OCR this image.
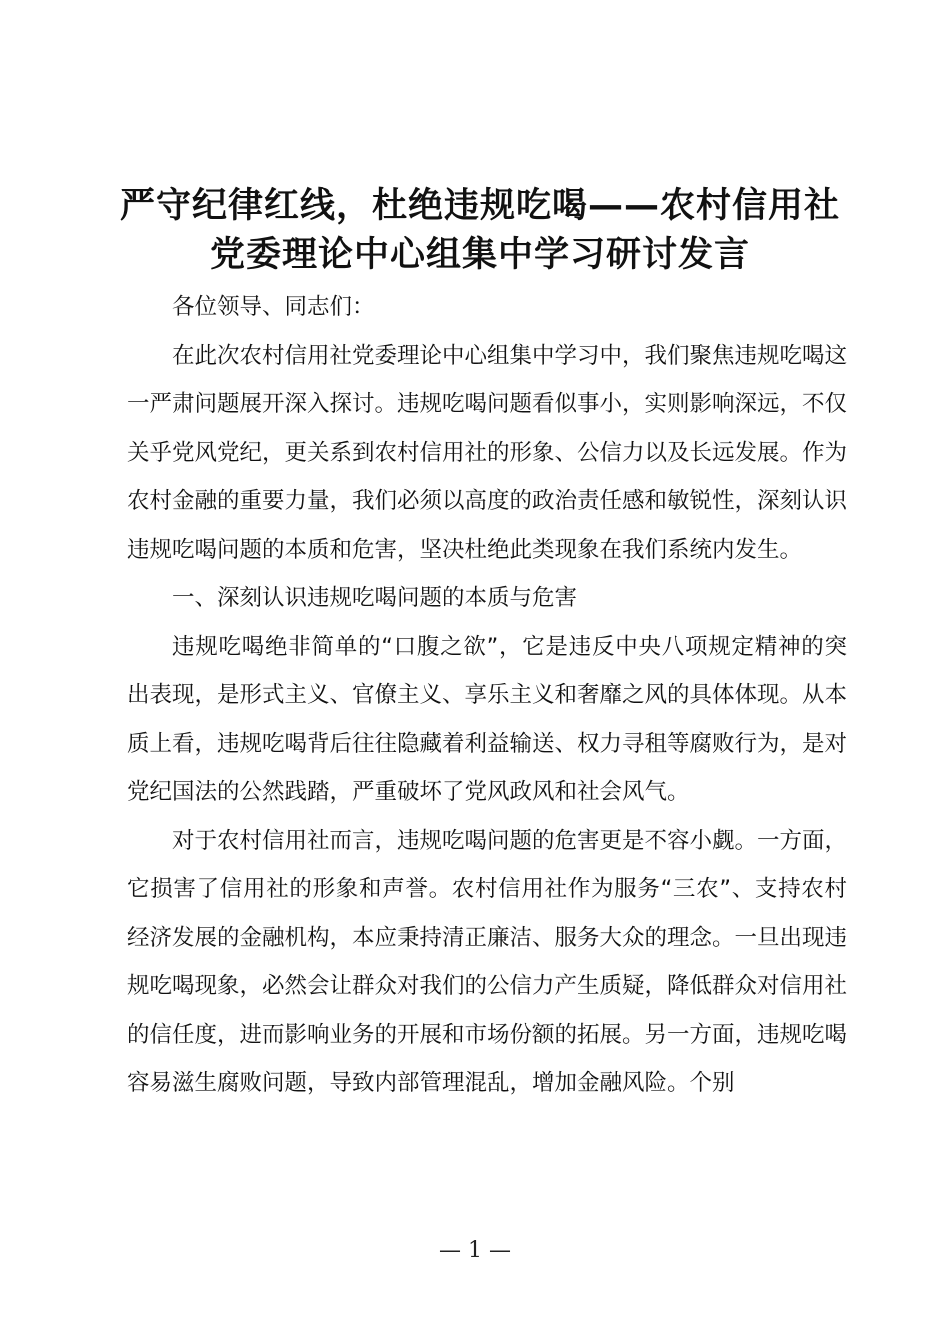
严守纪律红线，杜绝违规吃喝——农村信用社
党委理论中心组集中学习研讨发言

各位领导、同志们：

在此次农村信用社党委理论中心组集中学习中，我们聚焦违规吃喝这一严肃问题展开深入探讨。违规吃喝问题看似事小，实则影响深远，不仅关乎党风党纪，更关系到农村信用社的形象、公信力以及长远发展。作为农村金融的重要力量，我们必须以高度的政治责任感和敏锐性，深刻认识违规吃喝问题的本质和危害，坚决杜绝此类现象在我们系统内发生。

一、深刻认识违规吃喝问题的本质与危害

违规吃喝绝非简单的“口腹之欲”，它是违反中央八项规定精神的突出表现，是形式主义、官僚主义、享乐主义和奢靡之风的具体体现。从本质上看，违规吃喝背后往往隐藏着利益输送、权力寻租等腐败行为，是对党纪国法的公然践踏，严重破坏了党风政风和社会风气。

对于农村信用社而言，违规吃喝问题的危害更是不容小觑。一方面，它损害了信用社的形象和声誉。农村信用社作为服务“三农”、支持农村经济发展的金融机构，本应秉持清正廉洁、服务大众的理念。一旦出现违规吃喝现象，必然会让群众对我们的公信力产生质疑，降低群众对信用社的信任度，进而影响业务的开展和市场份额的拓展。另一方面，违规吃喝容易滋生腐败问题，导致内部管理混乱，增加金融风险。个别

— 1 —
